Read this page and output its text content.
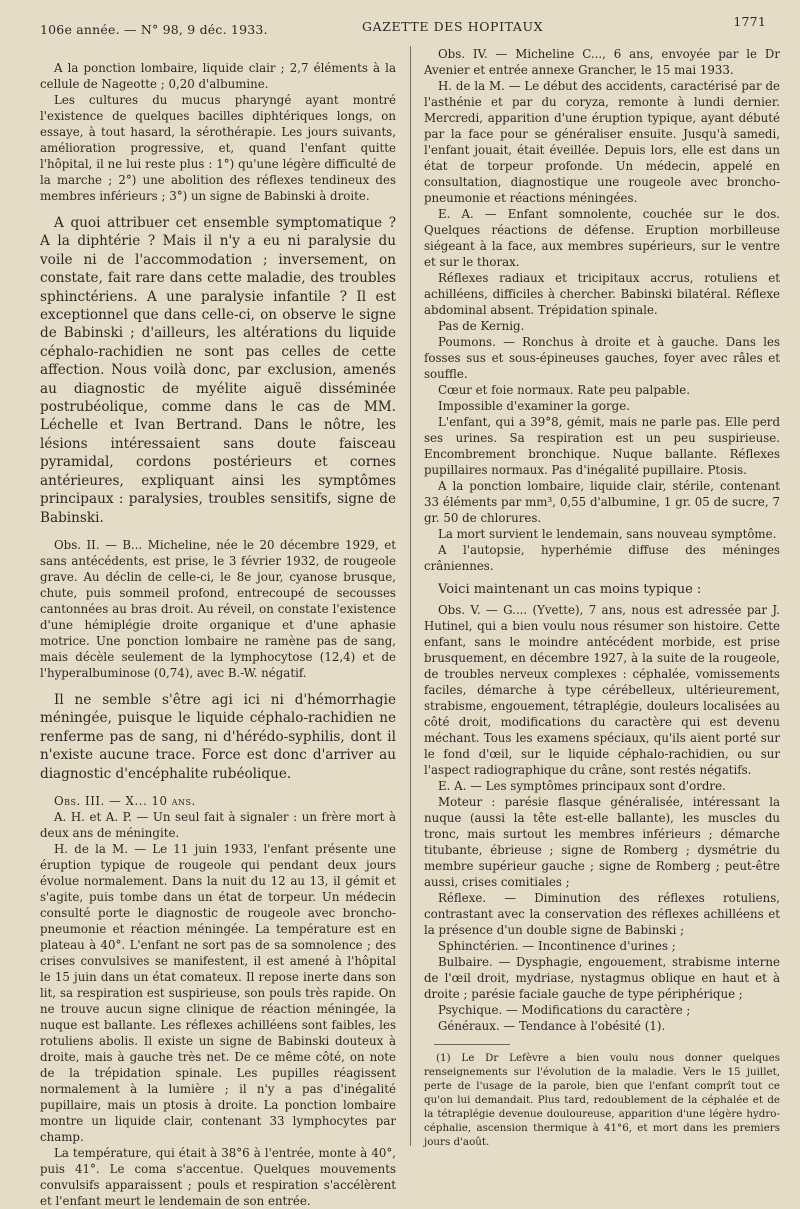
106e année. — N° 98, 9 déc. 1933.	GAZETTE DES HOPITAUX	1771

A la ponction lombaire, liquide clair ; 2,7 éléments à la cellule de Nageotte ; 0,20 d'albumine.

Les cultures du mucus pharyngé ayant montré l'existence de quelques bacilles diphtériques longs, on essaye, à tout hasard, la sérothérapie. Les jours suivants, amélioration progressive, et, quand l'enfant quitte l'hôpital, il ne lui reste plus : 1°) qu'une légère difficulté de la marche ; 2°) une abolition des réflexes tendineux des membres inférieurs ; 3°) un signe de Babinski à droite.

A quoi attribuer cet ensemble symptomatique ? A la diphtérie ? Mais il n'y a eu ni paralysie du voile ni de l'accommodation ; inversement, on constate, fait rare dans cette maladie, des troubles sphinctériens. A une paralysie infantile ? Il est exceptionnel que dans celle-ci, on observe le signe de Babinski ; d'ailleurs, les altérations du liquide céphalo-rachidien ne sont pas celles de cette affection. Nous voilà donc, par exclusion, amenés au diagnostic de myélite aiguë disséminée postrubéolique, comme dans le cas de MM. Léchelle et Ivan Bertrand. Dans le nôtre, les lésions intéressaient sans doute faisceau pyramidal, cordons postérieurs et cornes antérieures, expliquant ainsi les symptômes principaux : paralysies, troubles sensitifs, signe de Babinski.

Obs. II. — B... Micheline, née le 20 décembre 1929, et sans antécédents, est prise, le 3 février 1932, de rougeole grave. Au déclin de celle-ci, le 8e jour, cyanose brusque, chute, puis sommeil profond, entrecoupé de secousses cantonnées au bras droit. Au réveil, on constate l'existence d'une hémiplégie droite organique et d'une aphasie motrice. Une ponction lombaire ne ramène pas de sang, mais décèle seulement de la lymphocytose (12,4) et de l'hyperalbuminose (0,74), avec B.-W. négatif.

Il ne semble s'être agi ici ni d'hémorrhagie méningée, puisque le liquide céphalo-rachidien ne renferme pas de sang, ni d'hérédo-syphilis, dont il n'existe aucune trace. Force est donc d'arriver au diagnostic d'encéphalite rubéolique.

Obs. III. — X... 10 ans.

A. H. et A. P. — Un seul fait à signaler : un frère mort à deux ans de méningite.

H. de la M. — Le 11 juin 1933, l'enfant présente une éruption typique de rougeole qui pendant deux jours évolue normalement. Dans la nuit du 12 au 13, il gémit et s'agite, puis tombe dans un état de torpeur. Un médecin consulté porte le diagnostic de rougeole avec broncho-pneumonie et réaction méningée. La température est en plateau à 40°. L'enfant ne sort pas de sa somnolence ; des crises convulsives se manifestent, il est amené à l'hôpital le 15 juin dans un état comateux. Il repose inerte dans son lit, sa respiration est suspirieuse, son pouls très rapide. On ne trouve aucun signe clinique de réaction méningée, la nuque est ballante. Les réflexes achilléens sont faibles, les rotuliens abolis. Il existe un signe de Babinski douteux à droite, mais à gauche très net. De ce même côté, on note de la trépidation spinale. Les pupilles réagissent normalement à la lumière ; il n'y a pas d'inégalité pupillaire, mais un ptosis à droite. La ponction lombaire montre un liquide clair, contenant 33 lymphocytes par champ.

La température, qui était à 38°6 à l'entrée, monte à 40°, puis 41°. Le coma s'accentue. Quelques mouvements convulsifs apparaissent ; pouls et respiration s'accélèrent et l'enfant meurt le lendemain de son entrée.

Obs. IV. — Micheline C..., 6 ans, envoyée par le Dr Avenier et entrée annexe Grancher, le 15 mai 1933.

H. de la M. — Le début des accidents, caractérisé par de l'asthénie et par du coryza, remonte à lundi dernier. Mercredi, apparition d'une éruption typique, ayant débuté par la face pour se généraliser ensuite. Jusqu'à samedi, l'enfant jouait, était éveillée. Depuis lors, elle est dans un état de torpeur profonde. Un médecin, appelé en consultation, diagnostique une rougeole avec broncho-pneumonie et réactions méningées.

E. A. — Enfant somnolente, couchée sur le dos. Quelques réactions de défense. Eruption morbilleuse siégeant à la face, aux membres supérieurs, sur le ventre et sur le thorax.

Réflexes radiaux et tricipitaux accrus, rotuliens et achilléens, difficiles à chercher. Babinski bilatéral. Réflexe abdominal absent. Trépidation spinale.

Pas de Kernig.

Poumons. — Ronchus à droite et à gauche. Dans les fosses sus et sous-épineuses gauches, foyer avec râles et souffle.

Cœur et foie normaux. Rate peu palpable.

Impossible d'examiner la gorge.

L'enfant, qui a 39°8, gémit, mais ne parle pas. Elle perd ses urines. Sa respiration est un peu suspirieuse. Encombrement bronchique. Nuque ballante. Réflexes pupillaires normaux. Pas d'inégalité pupillaire. Ptosis.

A la ponction lombaire, liquide clair, stérile, contenant 33 éléments par mm³, 0,55 d'albumine, 1 gr. 05 de sucre, 7 gr. 50 de chlorures.

La mort survient le lendemain, sans nouveau symptôme.

A l'autopsie, hyperhémie diffuse des méninges crâniennes.

Voici maintenant un cas moins typique :

Obs. V. — G.... (Yvette), 7 ans, nous est adressée par J. Hutinel, qui a bien voulu nous résumer son histoire. Cette enfant, sans le moindre antécédent morbide, est prise brusquement, en décembre 1927, à la suite de la rougeole, de troubles nerveux complexes : céphalée, vomissements faciles, démarche à type cérébelleux, ultérieurement, strabisme, engouement, tétraplégie, douleurs localisées au côté droit, modifications du caractère qui est devenu méchant. Tous les examens spéciaux, qu'ils aient porté sur le fond d'œil, sur le liquide céphalo-rachidien, ou sur l'aspect radiographique du crâne, sont restés négatifs.

E. A. — Les symptômes principaux sont d'ordre.

Moteur : parésie flasque généralisée, intéressant la nuque (aussi la tête est-elle ballante), les muscles du tronc, mais surtout les membres inférieurs ; démarche titubante, ébrieuse ; signe de Romberg ; dysmétrie du membre supérieur gauche ; signe de Romberg ; peut-être aussi, crises comitiales ;

Réflexe. — Diminution des réflexes rotuliens, contrastant avec la conservation des réflexes achilléens et la présence d'un double signe de Babinski ;

Sphinctérien. — Incontinence d'urines ;

Bulbaire. — Dysphagie, engouement, strabisme interne de l'œil droit, mydriase, nystagmus oblique en haut et à droite ; parésie faciale gauche de type périphérique ;

Psychique. — Modifications du caractère ;

Généraux. — Tendance à l'obésité (1).

(1) Le Dr Lefèvre a bien voulu nous donner quelques renseignements sur l'évolution de la maladie. Vers le 15 juillet, perte de l'usage de la parole, bien que l'enfant comprît tout ce qu'on lui demandait. Plus tard, redoublement de la céphalée et de la tétraplégie devenue douloureuse, apparition d'une légère hydro-céphalie, ascension thermique à 41°6, et mort dans les premiers jours d'août.
